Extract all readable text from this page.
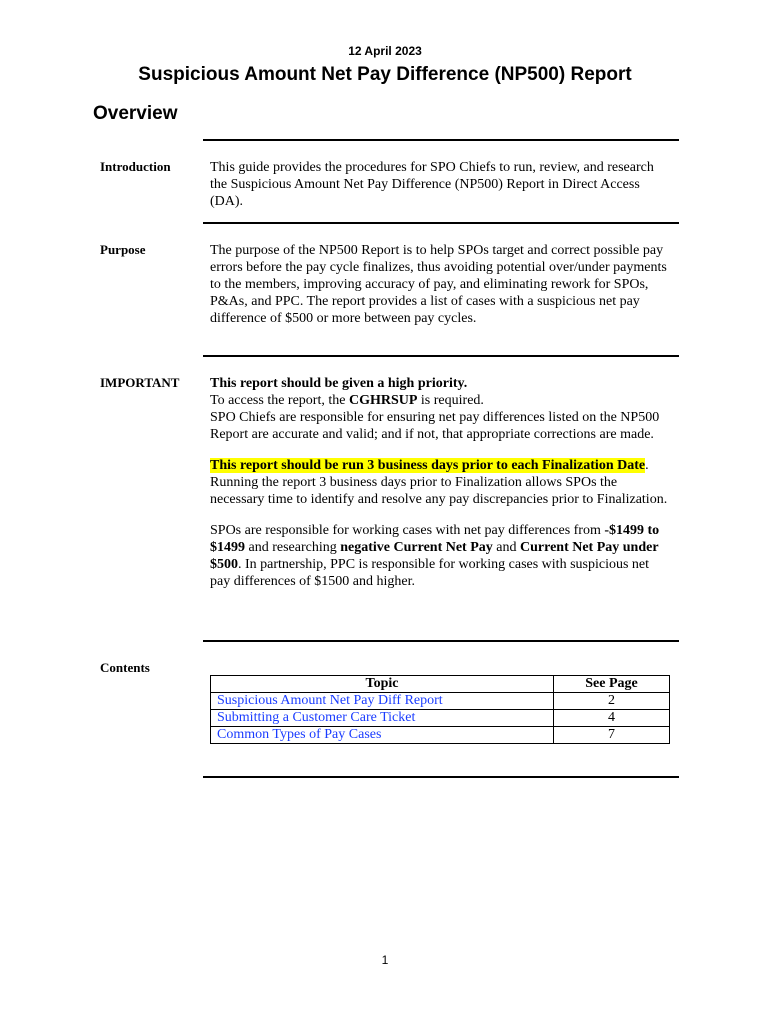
12 April 2023
Suspicious Amount Net Pay Difference (NP500) Report
Overview
Introduction	This guide provides the procedures for SPO Chiefs to run, review, and research the Suspicious Amount Net Pay Difference (NP500) Report in Direct Access (DA).

Purpose	The purpose of the NP500 Report is to help SPOs target and correct possible pay errors before the pay cycle finalizes, thus avoiding potential over/under payments to the members, improving accuracy of pay, and eliminating rework for SPOs, P&As, and PPC. The report provides a list of cases with a suspicious net pay difference of $500 or more between pay cycles.

IMPORTANT This report should be given a high priority.
To access the report, the CGHRSUP is required.
SPO Chiefs are responsible for ensuring net pay differences listed on the NP500 Report are accurate and valid; and if not, that appropriate corrections are made.

This report should be run 3 business days prior to each Finalization Date. Running the report 3 business days prior to Finalization allows SPOs the necessary time to identify and resolve any pay discrepancies prior to Finalization.

SPOs are responsible for working cases with net pay differences from -$1499 to $1499 and researching negative Current Net Pay and Current Net Pay under $500. In partnership, PPC is responsible for working cases with suspicious net pay differences of $1500 and higher.

Contents
Topic	See Page
Suspicious Amount Net Pay Diff Report	2
Submitting a Customer Care Ticket	4
Common Types of Pay Cases	7
1
